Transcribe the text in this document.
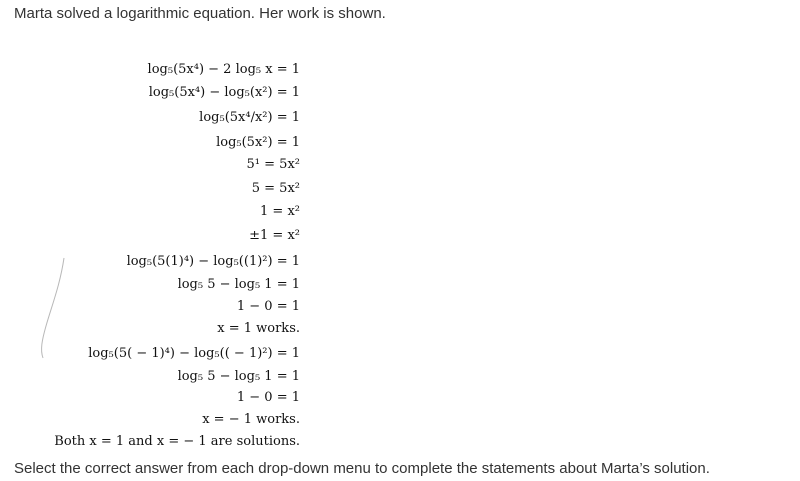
Marta solved a logarithmic equation. Her work is shown.
log₅(5x⁴) − 2 log₅ x = 1
log₅(5x⁴) − log₅(x²) = 1
log₅(5x⁴/x²) = 1
log₅(5x²) = 1
5¹ = 5x²
5 = 5x²
1 = x²
±1 = x²
log₅(5(1)⁴) − log₅((1)²) = 1
log₅ 5 − log₅ 1 = 1
1 − 0 = 1
x = 1 works.
log₅(5( − 1)⁴) − log₅(( − 1)²) = 1
log₅ 5 − log₅ 1 = 1
1 − 0 = 1
x = − 1 works.
Both x = 1 and x = − 1 are solutions.
Select the correct answer from each drop-down menu to complete the statements about Marta’s solution.
